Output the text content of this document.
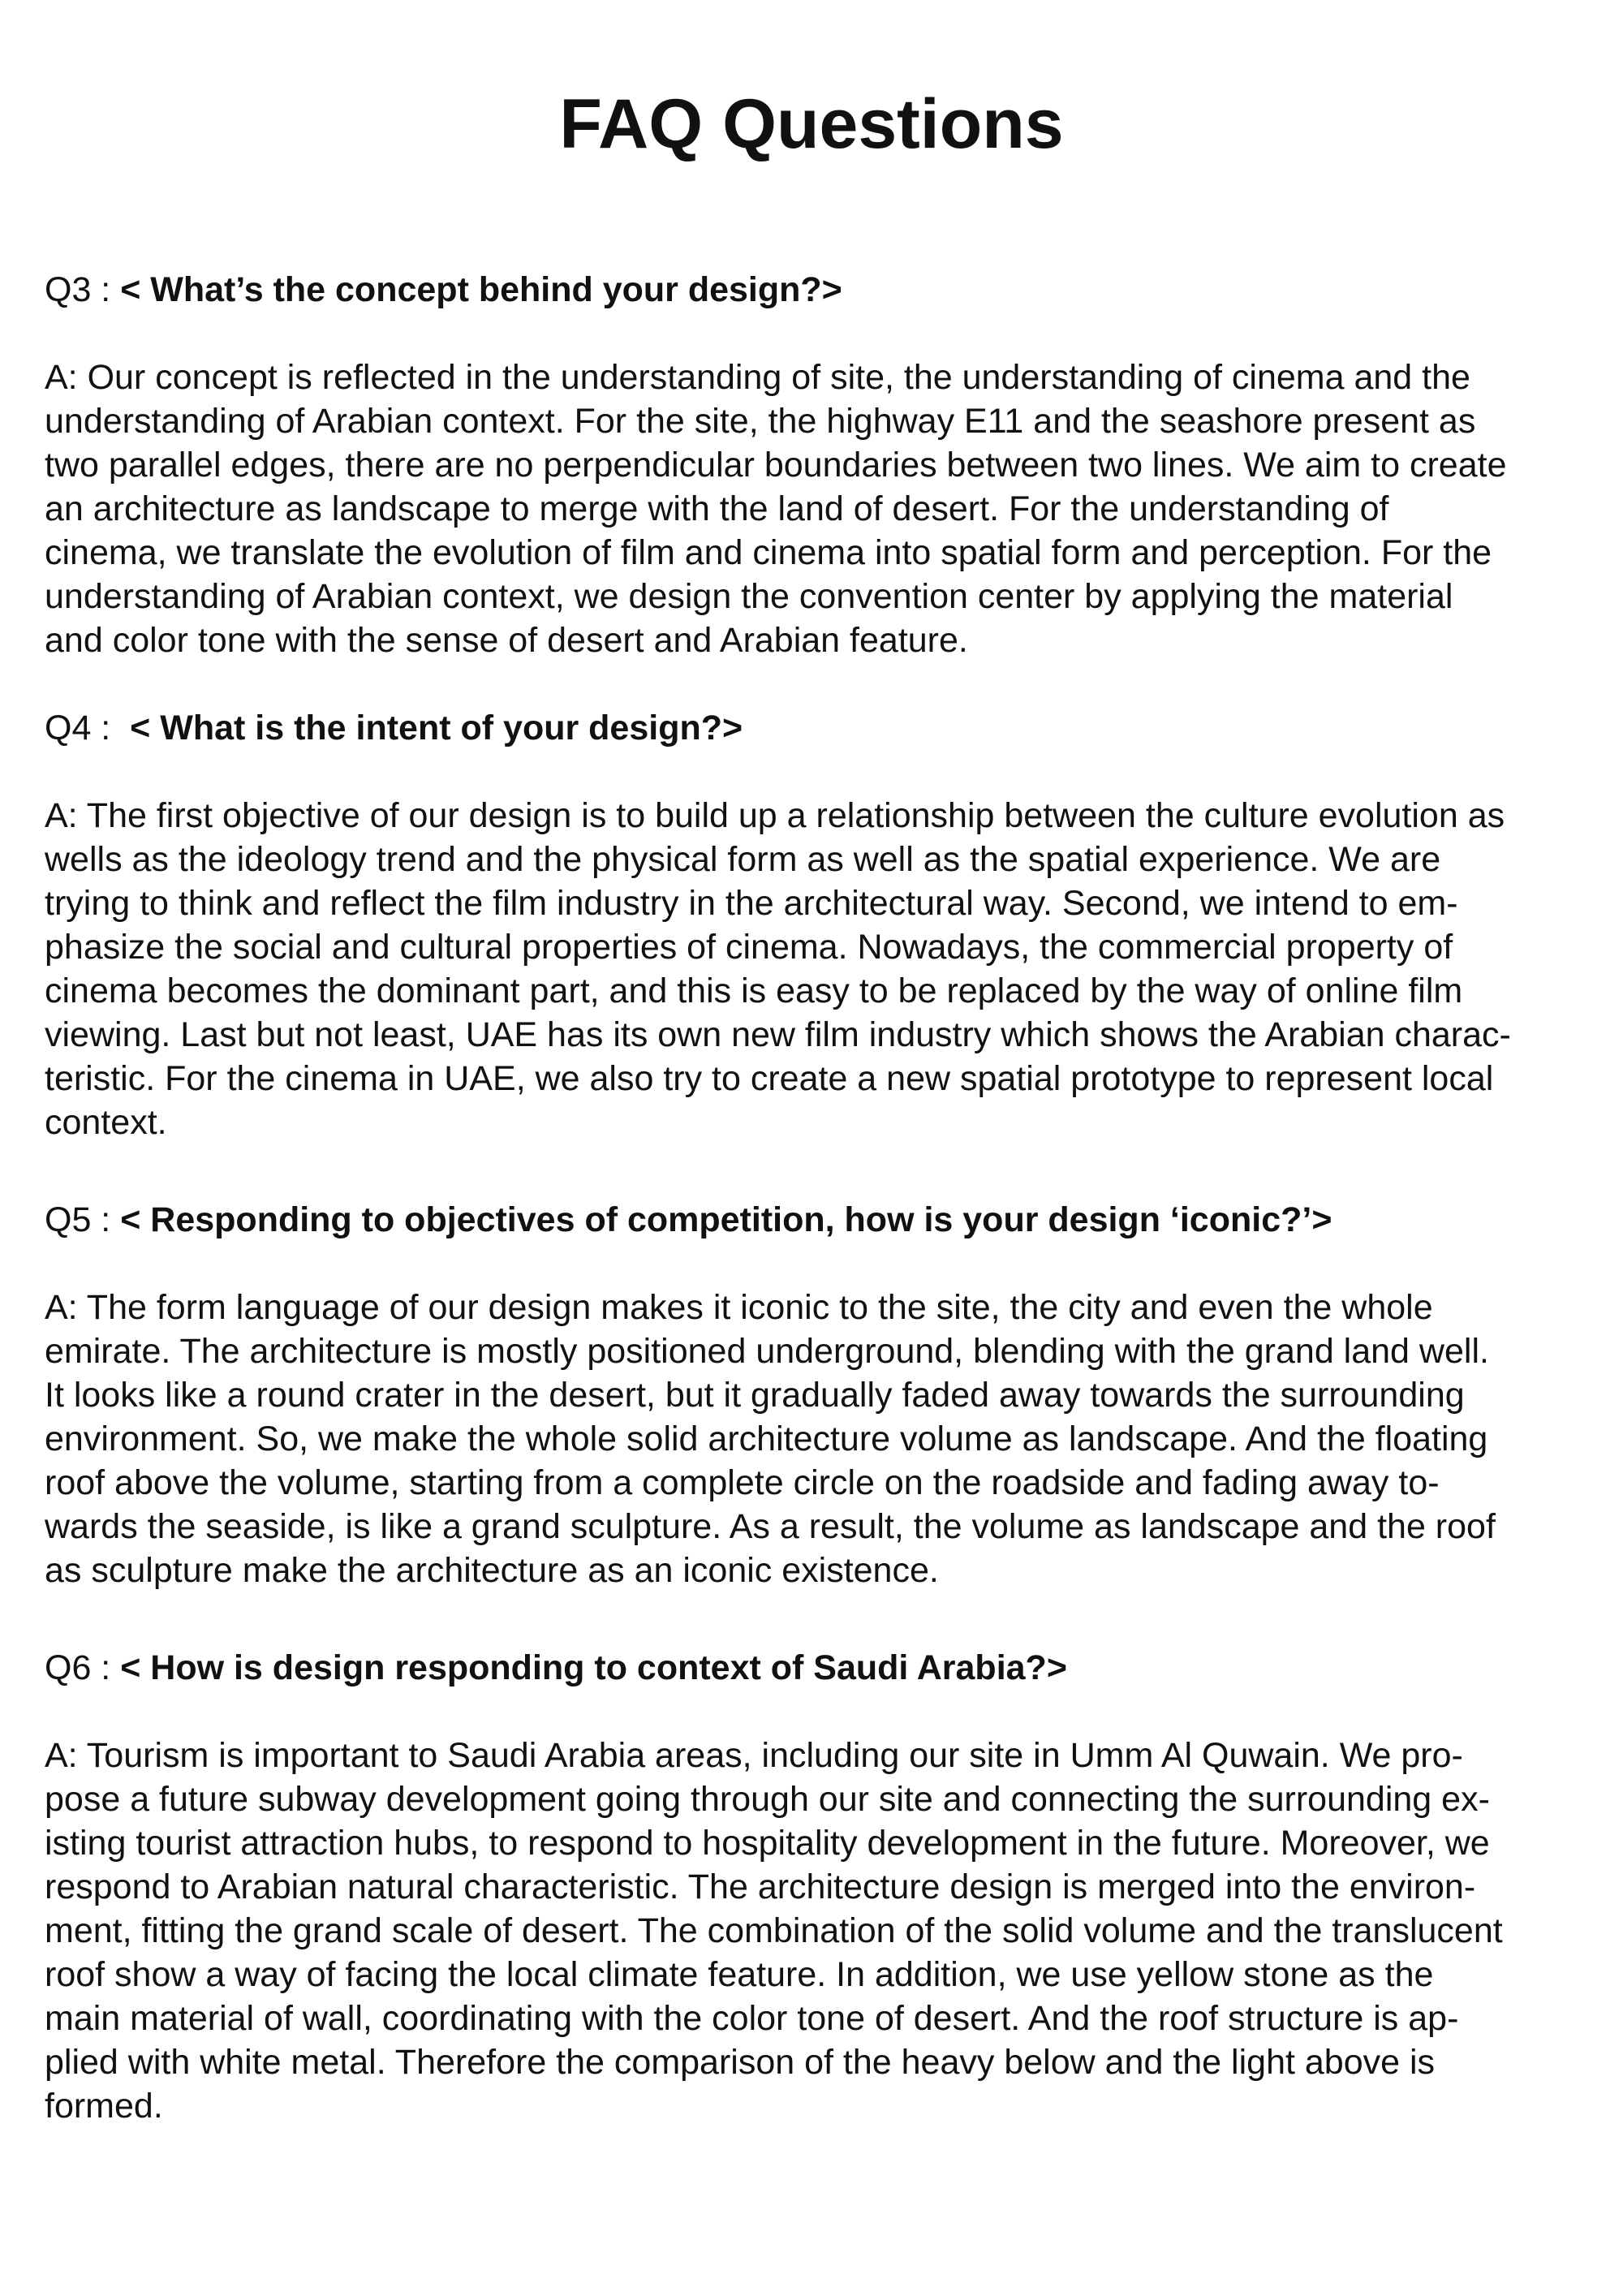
FAQ Questions

Q3 : < What’s the concept behind your design?>

A: Our concept is reflected in the understanding of site, the understanding of cinema and the
understanding of Arabian context. For the site, the highway E11 and the seashore present as
two parallel edges, there are no perpendicular boundaries between two lines. We aim to create
an architecture as landscape to merge with the land of desert. For the understanding of
cinema, we translate the evolution of film and cinema into spatial form and perception. For the
understanding of Arabian context, we design the convention center by applying the material
and color tone with the sense of desert and Arabian feature.

Q4 : < What is the intent of your design?>

A: The first objective of our design is to build up a relationship between the culture evolution as
wells as the ideology trend and the physical form as well as the spatial experience. We are
trying to think and reflect the film industry in the architectural way. Second, we intend to em-
phasize the social and cultural properties of cinema. Nowadays, the commercial property of
cinema becomes the dominant part, and this is easy to be replaced by the way of online film
viewing. Last but not least, UAE has its own new film industry which shows the Arabian charac-
teristic. For the cinema in UAE, we also try to create a new spatial prototype to represent local
context.

Q5 : < Responding to objectives of competition, how is your design ‘iconic?’>

A: The form language of our design makes it iconic to the site, the city and even the whole
emirate. The architecture is mostly positioned underground, blending with the grand land well.
It looks like a round crater in the desert, but it gradually faded away towards the surrounding
environment. So, we make the whole solid architecture volume as landscape. And the floating
roof above the volume, starting from a complete circle on the roadside and fading away to-
wards the seaside, is like a grand sculpture. As a result, the volume as landscape and the roof
as sculpture make the architecture as an iconic existence.

Q6 : < How is design responding to context of Saudi Arabia?>

A: Tourism is important to Saudi Arabia areas, including our site in Umm Al Quwain. We pro-
pose a future subway development going through our site and connecting the surrounding ex-
isting tourist attraction hubs, to respond to hospitality development in the future. Moreover, we
respond to Arabian natural characteristic. The architecture design is merged into the environ-
ment, fitting the grand scale of desert. The combination of the solid volume and the translucent
roof show a way of facing the local climate feature. In addition, we use yellow stone as the
main material of wall, coordinating with the color tone of desert. And the roof structure is ap-
plied with white metal. Therefore the comparison of the heavy below and the light above is
formed.
